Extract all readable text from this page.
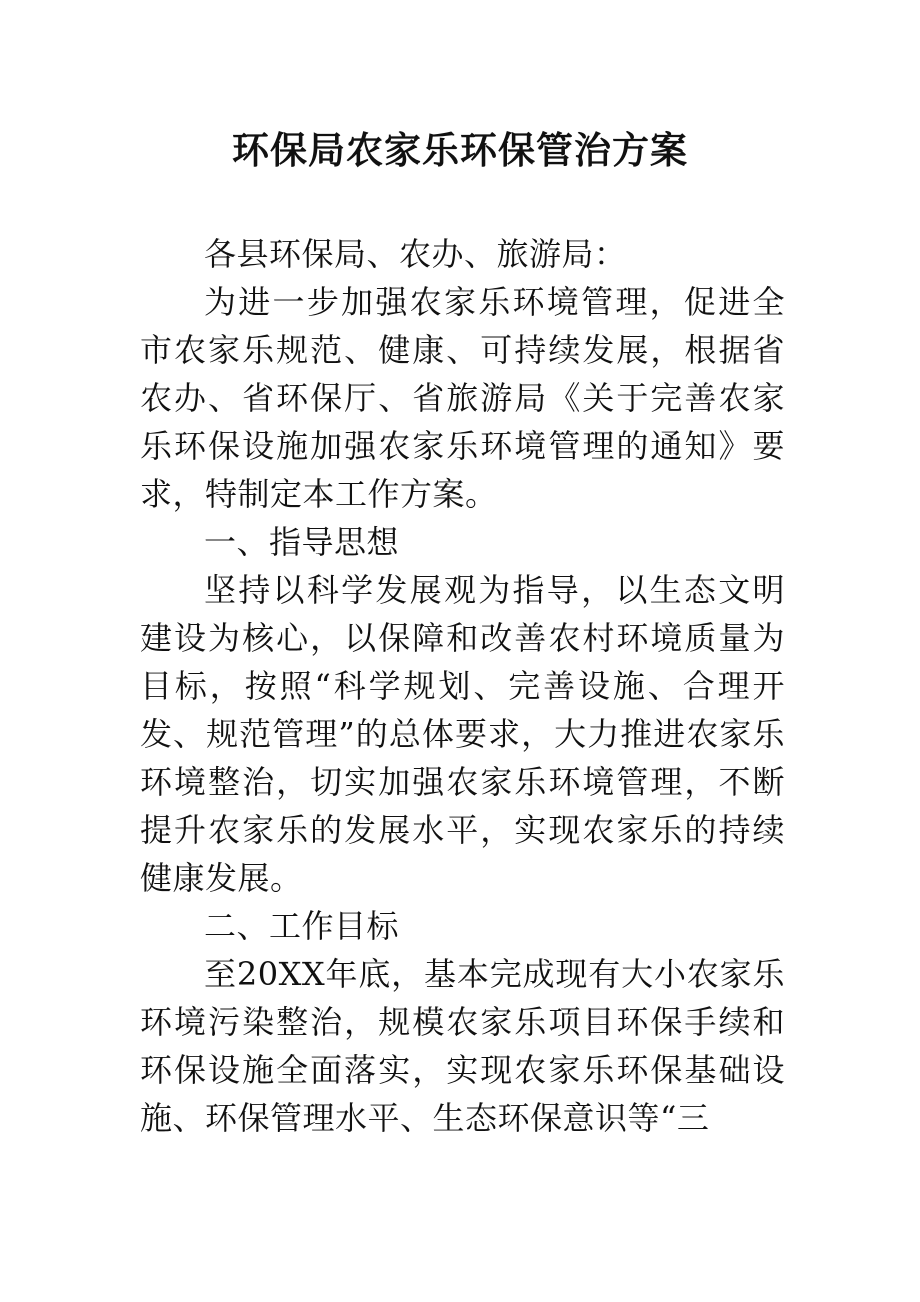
环保局农家乐环保管治方案

各县环保局、农办、旅游局：

为进一步加强农家乐环境管理，促进全市农家乐规范、健康、可持续发展，根据省农办、省环保厅、省旅游局《关于完善农家乐环保设施加强农家乐环境管理的通知》要求，特制定本工作方案。

一、指导思想

坚持以科学发展观为指导，以生态文明建设为核心，以保障和改善农村环境质量为目标，按照“科学规划、完善设施、合理开发、规范管理”的总体要求，大力推进农家乐环境整治，切实加强农家乐环境管理，不断提升农家乐的发展水平，实现农家乐的持续健康发展。

二、工作目标

至20XX年底，基本完成现有大小农家乐环境污染整治，规模农家乐项目环保手续和环保设施全面落实，实现农家乐环保基础设施、环保管理水平、生态环保意识等“三
